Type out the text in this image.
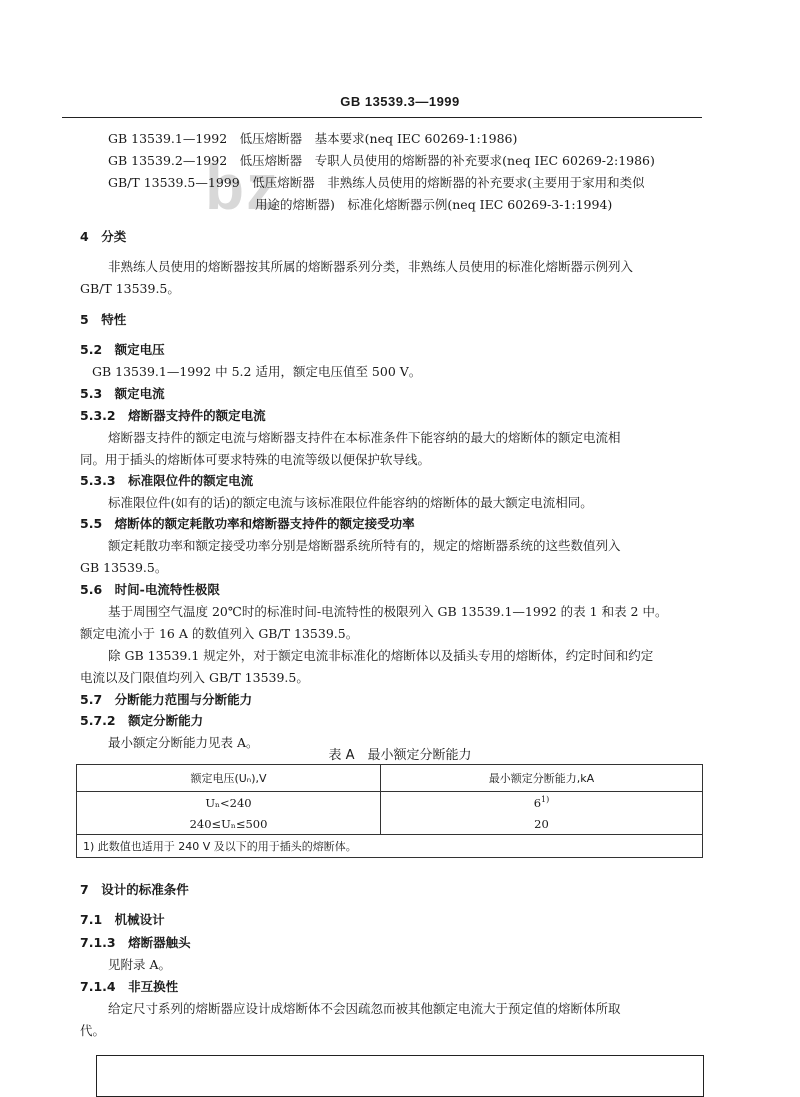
GB 13539.3—1999
bz
GB 13539.1—1992　低压熔断器　基本要求(neq IEC 60269-1:1986)
GB 13539.2—1992　低压熔断器　专职人员使用的熔断器的补充要求(neq IEC 60269-2:1986)
GB/T 13539.5—1999　低压熔断器　非熟练人员使用的熔断器的补充要求(主要用于家用和类似
用途的熔断器)　标准化熔断器示例(neq IEC 60269-3-1:1994)
4　分类
非熟练人员使用的熔断器按其所属的熔断器系列分类，非熟练人员使用的标准化熔断器示例列入
GB/T 13539.5。
5　特性
5.2　额定电压
GB 13539.1—1992 中 5.2 适用，额定电压值至 500 V。
5.3　额定电流
5.3.2　熔断器支持件的额定电流
熔断器支持件的额定电流与熔断器支持件在本标准条件下能容纳的最大的熔断体的额定电流相
同。用于插头的熔断体可要求特殊的电流等级以便保护软导线。
5.3.3　标准限位件的额定电流
标准限位件(如有的话)的额定电流与该标准限位件能容纳的熔断体的最大额定电流相同。
5.5　熔断体的额定耗散功率和熔断器支持件的额定接受功率
额定耗散功率和额定接受功率分别是熔断器系统所特有的，规定的熔断器系统的这些数值列入
GB 13539.5。
5.6　时间-电流特性极限
基于周围空气温度 20℃时的标准时间-电流特性的极限列入 GB 13539.1—1992 的表 1 和表 2 中。
额定电流小于 16 A 的数值列入 GB/T 13539.5。
除 GB 13539.1 规定外，对于额定电流非标准化的熔断体以及插头专用的熔断体，约定时间和约定
电流以及门限值均列入 GB/T 13539.5。
5.7　分断能力范围与分断能力
5.7.2　额定分断能力
最小额定分断能力见表 A。
表 A　最小额定分断能力
额定电压(Uₙ),V	最小额定分断能力,kA
Uₙ<240	6$^{1)}$
240≤Uₙ≤500	20
1) 此数值也适用于 240 V 及以下的用于插头的熔断体。	
7　设计的标准条件
7.1　机械设计
7.1.3　熔断器触头
见附录 A。
7.1.4　非互换性
给定尺寸系列的熔断器应设计成熔断体不会因疏忽而被其他额定电流大于预定值的熔断体所取
代。
